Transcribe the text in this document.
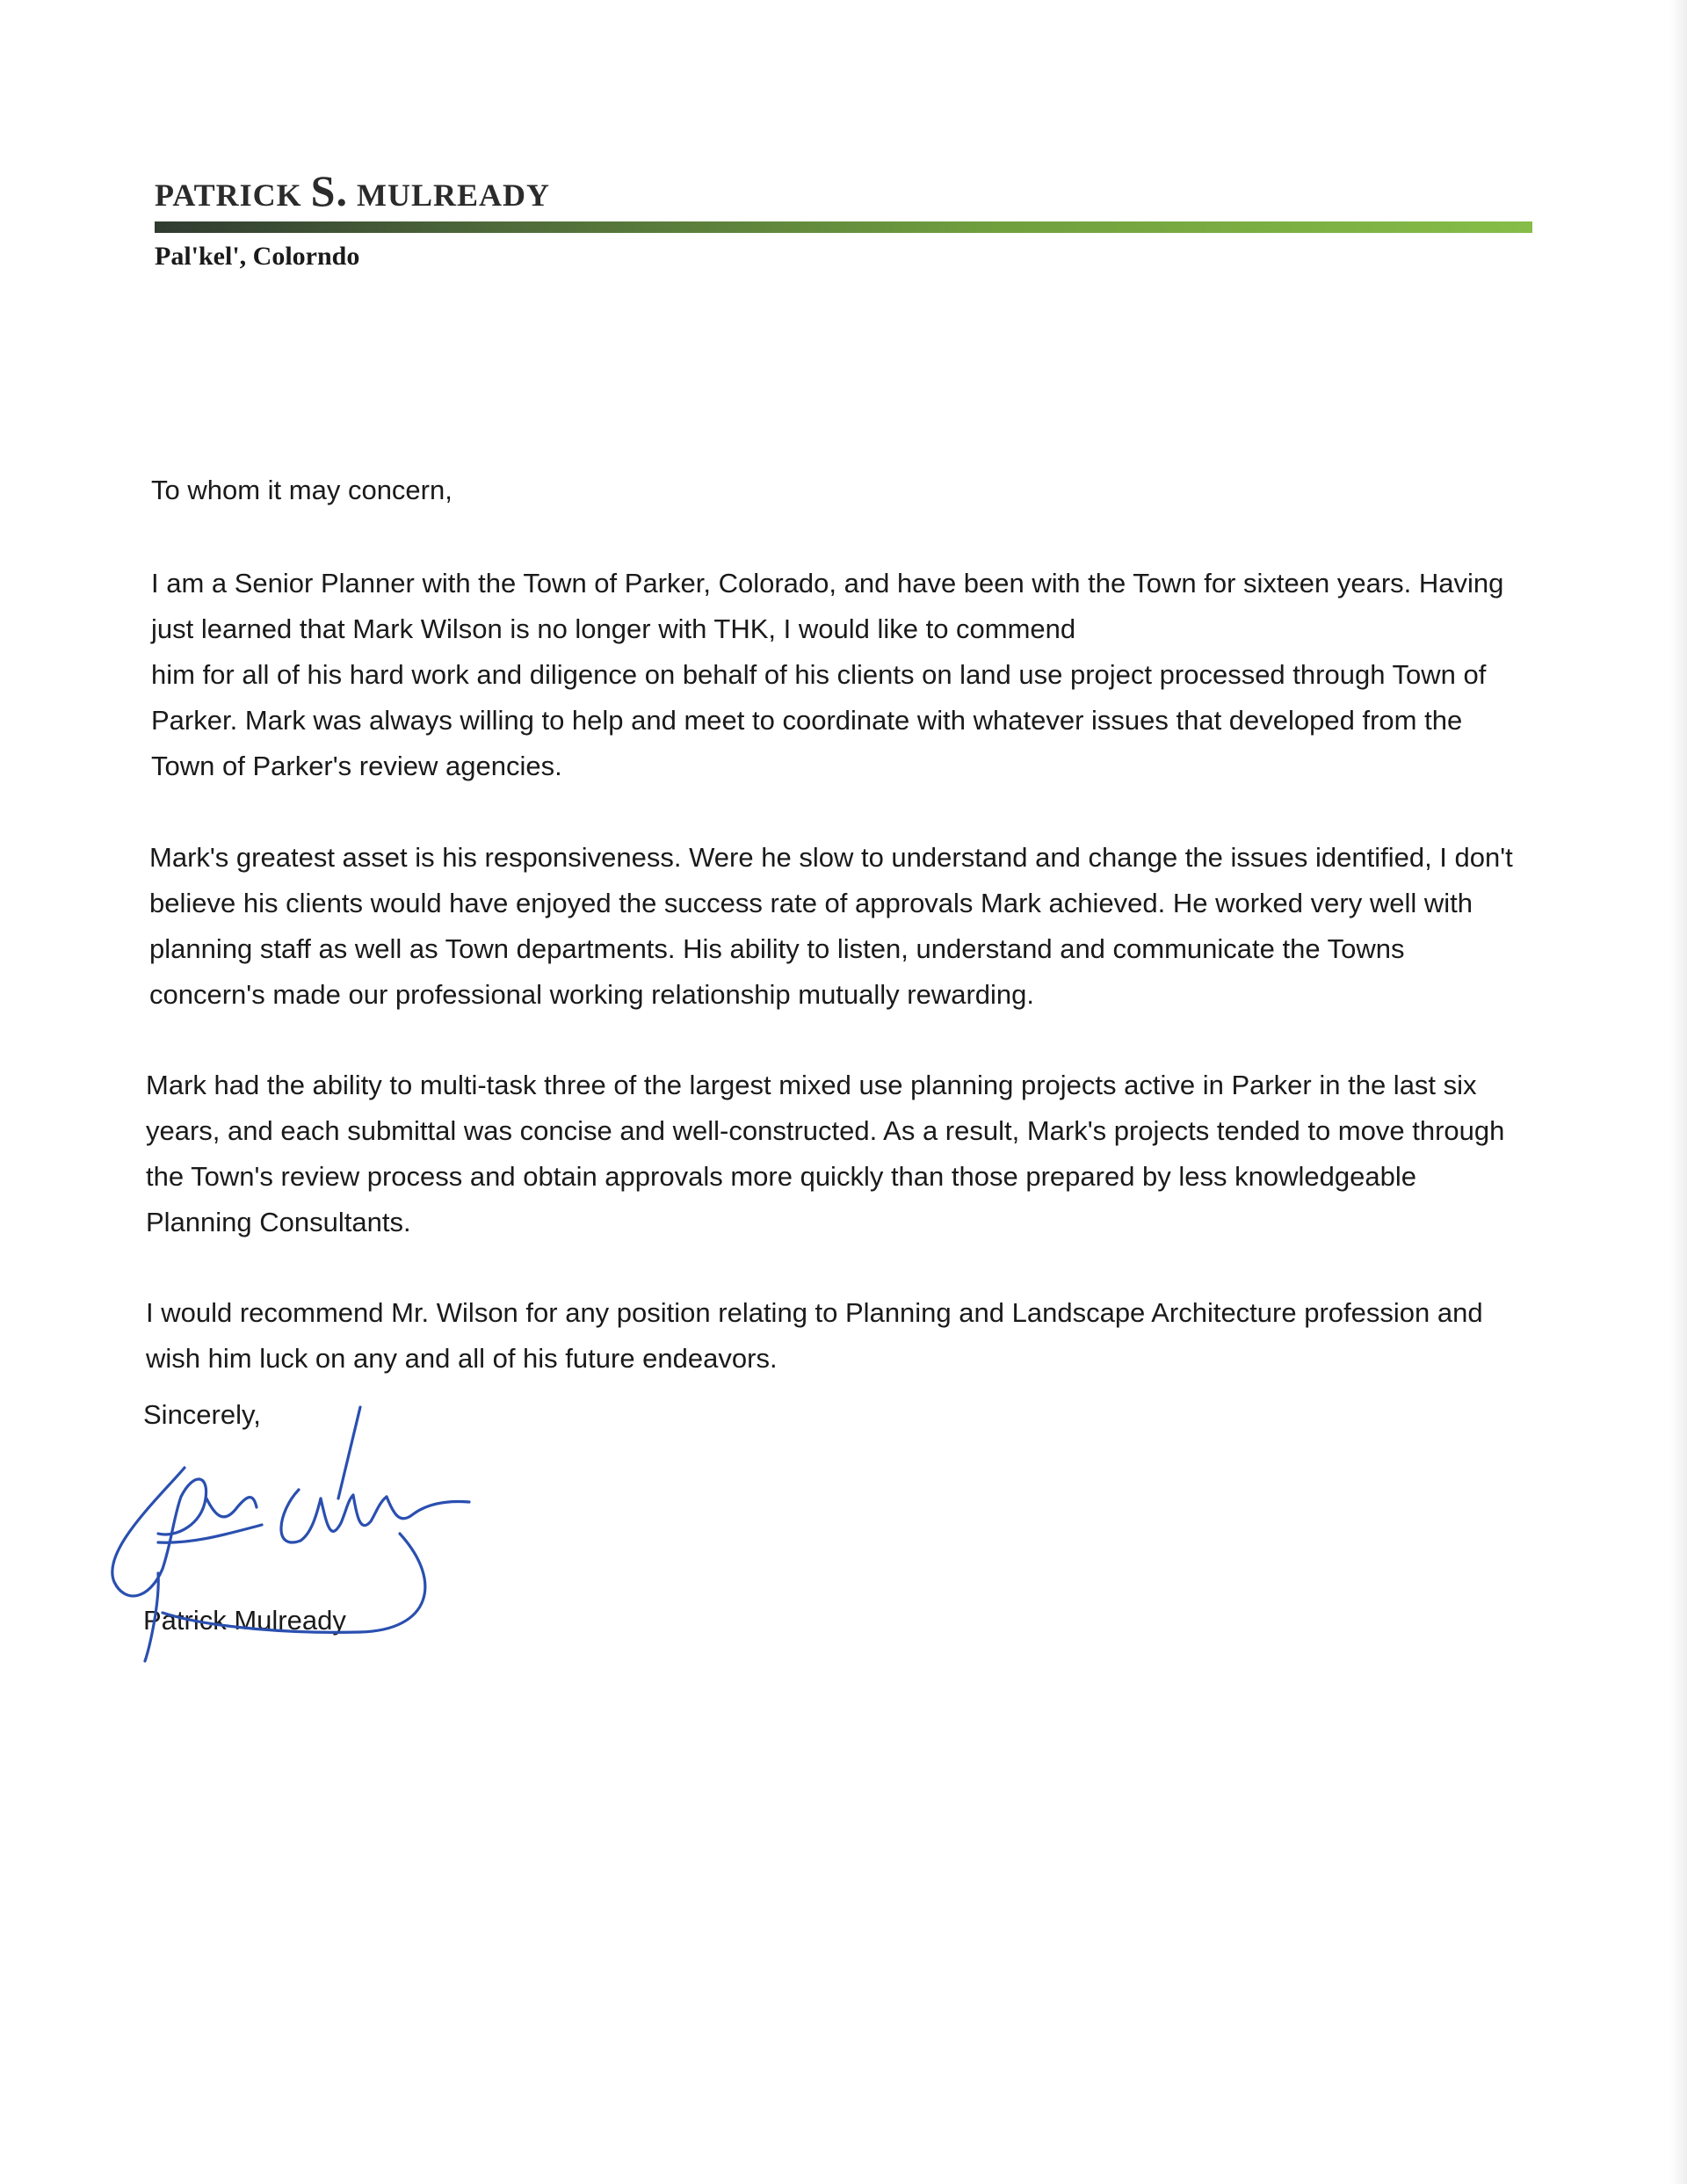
PATRICK S. MULREADY
Pal'kel', Colorndo
To whom it may concern,
I am a Senior Planner with the Town of Parker, Colorado, and have been with the Town for sixteen years. Having
just learned that Mark Wilson is no longer with THK, I would like to commend
him for all of his hard work and diligence on behalf of his clients on land use project processed through Town of
Parker. Mark was always willing to help and meet to coordinate with whatever issues that developed from the
Town of Parker's review agencies.
Mark's greatest asset is his responsiveness. Were he slow to understand and change the issues identified, I don't
believe his clients would have enjoyed the success rate of approvals Mark achieved. He worked very well with
planning staff as well as Town departments. His ability to listen, understand and communicate the Towns
concern's made our professional working relationship mutually rewarding.
Mark had the ability to multi-task three of the largest mixed use planning projects active in Parker in the last six
years, and each submittal was concise and well-constructed. As a result, Mark's projects tended to move through
the Town's review process and obtain approvals more quickly than those prepared by less knowledgeable
Planning Consultants.
I would recommend Mr. Wilson for any position relating to Planning and Landscape Architecture profession and
wish him luck on any and all of his future endeavors.
Sincerely,
Patrick Mulready
